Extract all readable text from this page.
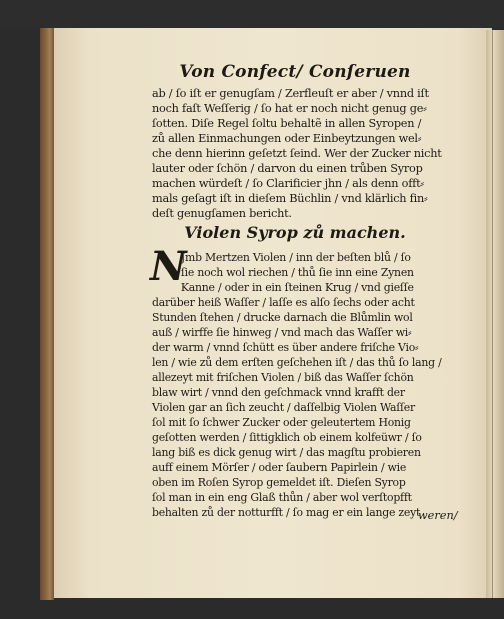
Von Confect/ Conſeruen
ab / ſo iſt er genugſam / Zerfleuſt er aber / vnnd iſt
noch faſt Weſſerig / ſo hat er noch nicht genug ge⸗
ſotten. Diſe Regel ſoltu behaltẽ in allen Syropen /
zů allen Einmachungen oder Einbeytzungen wel⸗
che denn hierinn geſetzt ſeind. Wer der Zucker nicht
lauter oder ſchön / darvon du einen trůben Syrop
machen würdeſt / ſo Clarificier jhn / als denn offt⸗
mals geſagt iſt in dieſem Büchlin / vnd klärlich fin⸗
deſt genugſamen bericht.
Violen Syrop zů machen.
N
Jmb Mertzen Violen / inn der beſten blů / ſo
ſie noch wol riechen / thů ſie inn eine Zynen
Kanne / oder in ein ſteinen Krug / vnd gieſſe
darüber heiß Waſſer / laſſe es alſo ſechs oder acht
Stunden ſtehen / drucke darnach die Blůmlin wol
auß / wirffe ſie hinweg / vnd mach das Waſſer wi⸗
der warm / vnnd ſchütt es über andere friſche Vio⸗
len / wie zů dem erſten geſchehen iſt / das thů ſo lang /
allezeyt mit friſchen Violen / biß das Waſſer ſchön
blaw wirt / vnnd den geſchmack vnnd krafft der
Violen gar an ſich zeucht / daſſelbig Violen Waſſer
ſol mit ſo ſchwer Zucker oder geleutertem Honig
geſotten werden / ſittigklich ob einem kolfeüwr / ſo
lang biß es dick genug wirt / das magſtu probieren
auff einem Mörſer / oder ſaubern Papirlein / wie
oben im Roſen Syrop gemeldet iſt. Dieſen Syrop
ſol man in ein eng Glaß thůn / aber wol verſtopfft
behalten zů der notturfft / ſo mag er ein lange zeyt
weren/
